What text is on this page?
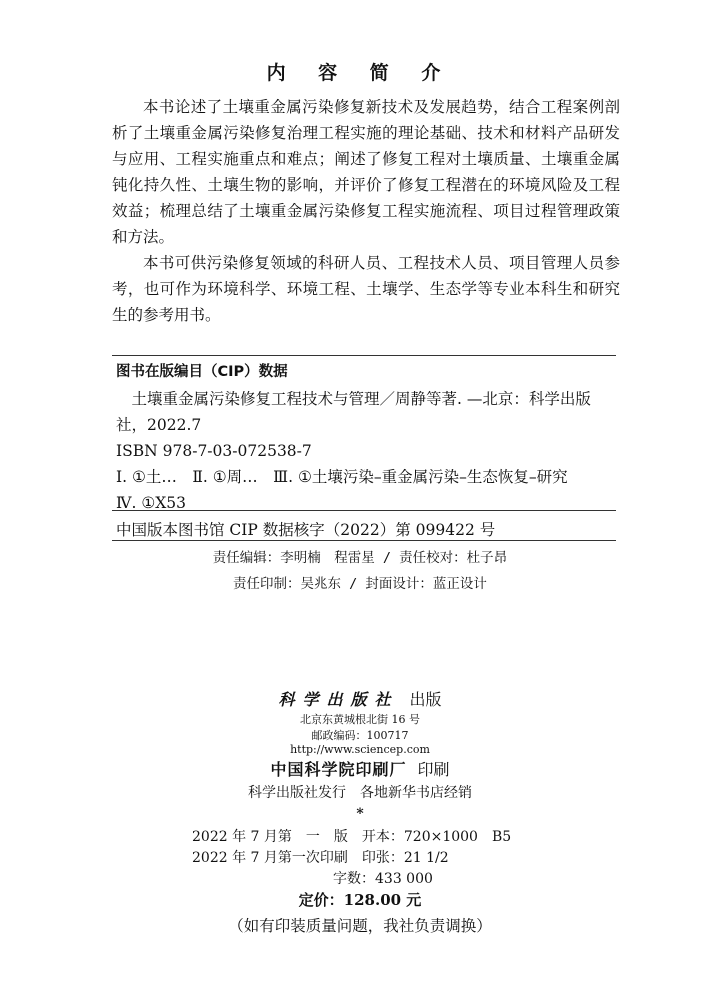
内 容 简 介

本书论述了土壤重金属污染修复新技术及发展趋势，结合工程案例剖析了土壤重金属污染修复治理工程实施的理论基础、技术和材料产品研发与应用、工程实施重点和难点；阐述了修复工程对土壤质量、土壤重金属钝化持久性、土壤生物的影响，并评价了修复工程潜在的环境风险及工程效益；梳理总结了土壤重金属污染修复工程实施流程、项目过程管理政策和方法。

本书可供污染修复领域的科研人员、工程技术人员、项目管理人员参考，也可作为环境科学、环境工程、土壤学、生态学等专业本科生和研究生的参考用书。

图书在版编目（CIP）数据
土壤重金属污染修复工程技术与管理／周静等著. —北京：科学出版社，2022.7
ISBN 978-7-03-072538-7
Ⅰ. ①土…　Ⅱ. ①周…　Ⅲ. ①土壤污染–重金属污染–生态恢复–研究
Ⅳ. ①X53
中国版本图书馆 CIP 数据核字（2022）第 099422 号
责任编辑：李明楠　程雷星 / 责任校对：杜子昂
责任印制：吴兆东 / 封面设计：蓝正设计
科学出版社 出版
北京东黄城根北街 16 号
邮政编码：100717
http://www.sciencep.com
中国科学院印刷厂 印刷
科学出版社发行　各地新华书店经销
*
2022 年 7 月第　一　版　开本：720×1000　B5
2022 年 7 月第一次印刷　印张：21 1/2
字数：433 000
定价：128.00 元
（如有印装质量问题，我社负责调换）
